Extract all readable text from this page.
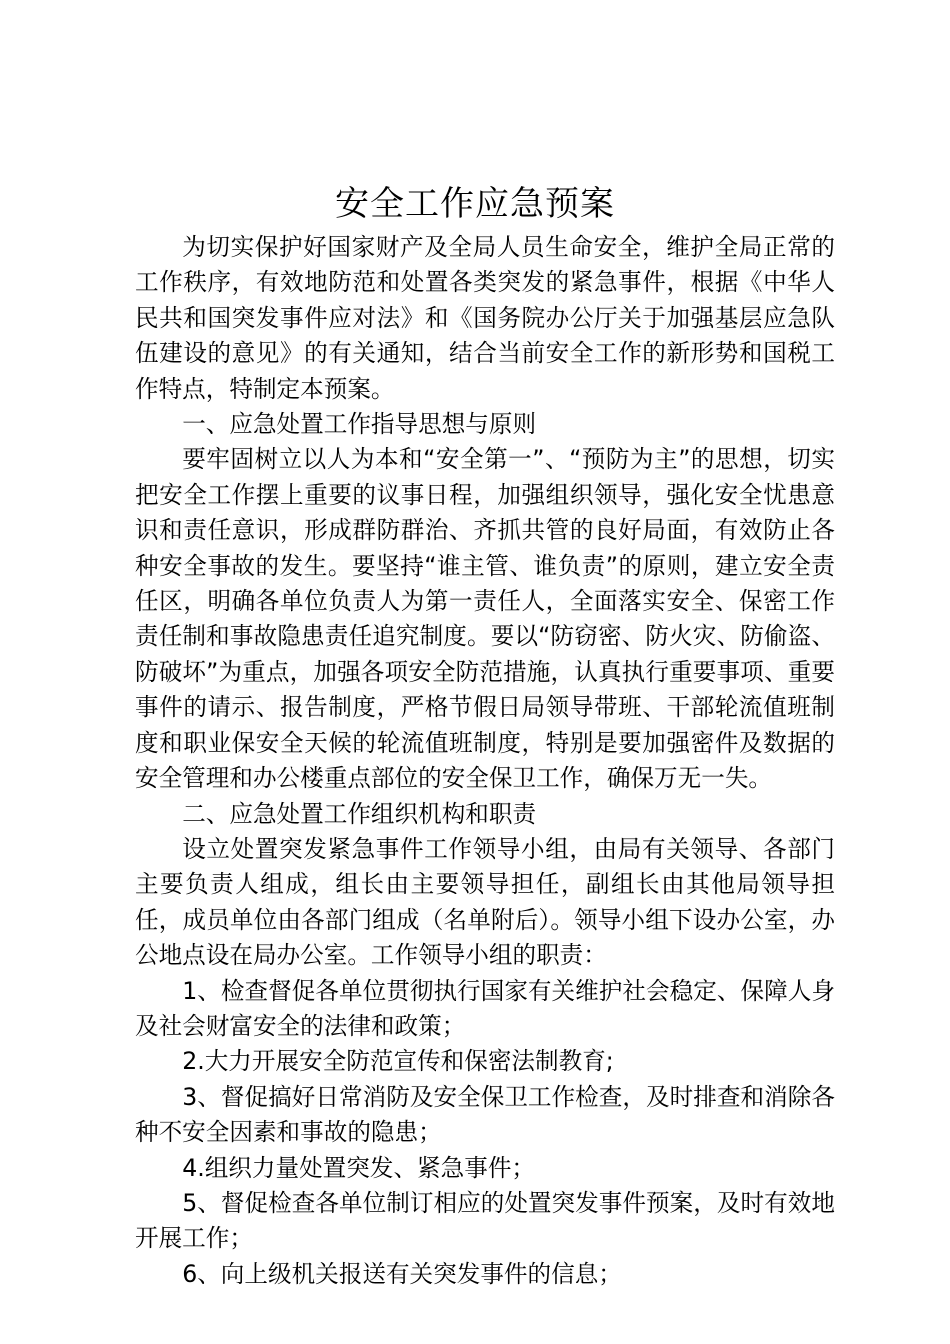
安全工作应急预案

为切实保护好国家财产及全局人员生命安全，维护全局正常的工作秩序，有效地防范和处置各类突发的紧急事件，根据《中华人民共和国突发事件应对法》和《国务院办公厅关于加强基层应急队伍建设的意见》的有关通知，结合当前安全工作的新形势和国税工作特点，特制定本预案。

一、应急处置工作指导思想与原则

要牢固树立以人为本和“安全第一”、“预防为主”的思想，切实把安全工作摆上重要的议事日程，加强组织领导，强化安全忧患意识和责任意识，形成群防群治、齐抓共管的良好局面，有效防止各种安全事故的发生。要坚持“谁主管、谁负责”的原则，建立安全责任区，明确各单位负责人为第一责任人，全面落实安全、保密工作责任制和事故隐患责任追究制度。要以“防窃密、防火灾、防偷盗、防破坏”为重点，加强各项安全防范措施，认真执行重要事项、重要事件的请示、报告制度，严格节假日局领导带班、干部轮流值班制度和职业保安全天候的轮流值班制度，特别是要加强密件及数据的安全管理和办公楼重点部位的安全保卫工作，确保万无一失。

二、应急处置工作组织机构和职责

设立处置突发紧急事件工作领导小组，由局有关领导、各部门主要负责人组成，组长由主要领导担任，副组长由其他局领导担任，成员单位由各部门组成（名单附后）。领导小组下设办公室，办公地点设在局办公室。工作领导小组的职责：

1、检查督促各单位贯彻执行国家有关维护社会稳定、保障人身及社会财富安全的法律和政策；

2.大力开展安全防范宣传和保密法制教育;

3、督促搞好日常消防及安全保卫工作检查，及时排查和消除各种不安全因素和事故的隐患；

4.组织力量处置突发、紧急事件；

5、督促检查各单位制订相应的处置突发事件预案，及时有效地开展工作；

6、向上级机关报送有关突发事件的信息；
